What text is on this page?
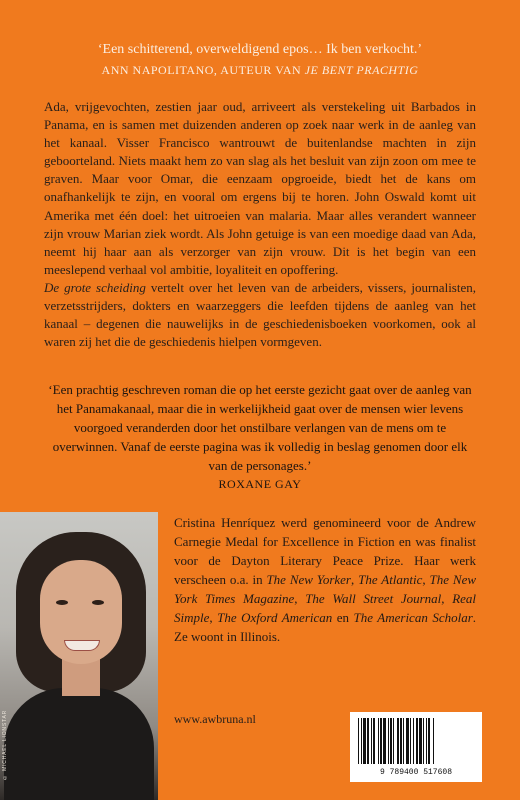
‘Een schitterend, overweldigend epos… Ik ben verkocht.’
ANN NAPOLITANO, AUTEUR VAN JE BENT PRACHTIG

Ada, vrijgevochten, zestien jaar oud, arriveert als verstekeling uit Barbados in Panama, en is samen met duizenden anderen op zoek naar werk in de aanleg van het kanaal. Visser Francisco wantrouwt de buitenlandse machten in zijn geboorteland. Niets maakt hem zo van slag als het besluit van zijn zoon om mee te graven. Maar voor Omar, die eenzaam opgroeide, biedt het de kans om onafhankelijk te zijn, en vooral om ergens bij te horen. John Oswald komt uit Amerika met één doel: het uitroeien van malaria. Maar alles verandert wanneer zijn vrouw Marian ziek wordt. Als John getuige is van een moedige daad van Ada, neemt hij haar aan als verzorger van zijn vrouw. Dit is het begin van een meeslepend verhaal vol ambitie, loyaliteit en opoffering.

De grote scheiding vertelt over het leven van de arbeiders, vissers, journalisten, verzetsstrijders, dokters en waarzeggers die leefden tijdens de aanleg van het kanaal – degenen die nauwelijks in de geschiedenisboeken voorkomen, ook al waren zij het die de geschiedenis hielpen vormgeven.

‘Een prachtig geschreven roman die op het eerste gezicht gaat over de aanleg van het Panamakanaal, maar die in werkelijkheid gaat over de mensen wier levens voorgoed veranderden door het onstilbare verlangen van de mens om te overwinnen. Vanaf de eerste pagina was ik volledig in beslag genomen door elk van de personages.’
ROXANE GAY
© MICHAEL LIONSTAR
Cristina Henríquez werd genomineerd voor de Andrew Carnegie Medal for Excellence in Fiction en was finalist voor de Dayton Literary Peace Prize. Haar werk verscheen o.a. in The New Yorker, The Atlantic, The New York Times Magazine, The Wall Street Journal, Real Simple, The Oxford American en The American Scholar. Ze woont in Illinois.
www.awbruna.nl
9 789400 517608
